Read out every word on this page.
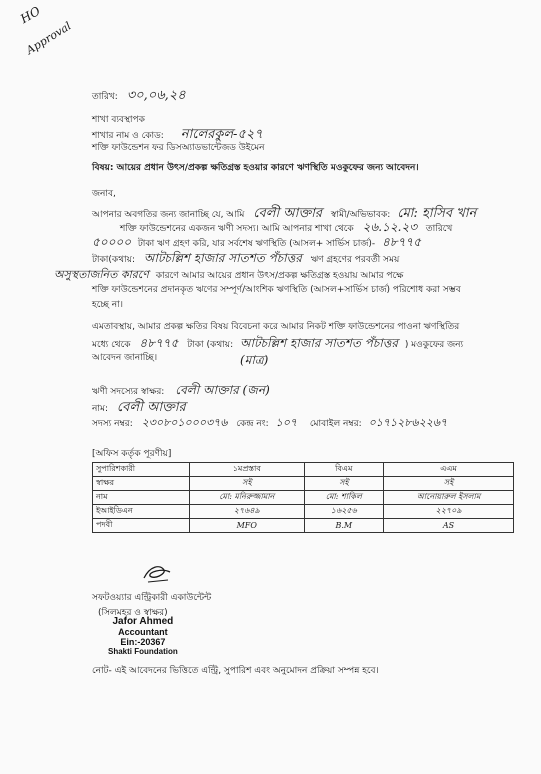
HO
Approval
তারিখ: ৩০,০৬,২৪
শাখা ব্যবস্থাপক
শাখার নাম ও কোড: নালেরকুল-৫২৭
শক্তি ফাউন্ডেশন ফর ডিসঅ্যাডভান্টেজড উইমেন
বিষয়: আয়ের প্রধান উৎস/প্রকল্প ক্ষতিগ্রস্ত হওয়ার কারণে ঋণস্থিতি মওকুফের জন্য আবেদন।
জনাব,
আপনার অবগতির জন্য জানাচ্ছি যে, আমি বেলী আক্তার স্বামী/অভিভাবক: মো: হাসিব খান
শক্তি ফাউন্ডেশনের একজন ঋণী সদস্য। আমি আপনার শাখা থেকে ২৬.১২.২৩ তারিখে
৫০০০০ টাকা ঋণ গ্রহণ করি, যার সর্বশেষ ঋণস্থিতি (আসল+ সার্ভিস চার্জ)- ৪৮৭৭৫
টাকা(কথায়: আটচল্লিশ হাজার সাতশত পঁচাত্তর ঋণ গ্রহণের পরবর্তী সময়
অসুস্থতাজনিত কারণে কারণে আমার আয়ের প্রধান উৎস/প্রকল্প ক্ষতিগ্রস্ত হওয়ায় আমার পক্ষে
শক্তি ফাউন্ডেশনের প্রদানকৃত ঋণের সম্পূর্ণ/আংশিক ঋণস্থিতি (আসল+সার্ভিস চার্জ) পরিশোধ করা সম্ভব
হচ্ছে না।
এমতাবস্থায়, আমার প্রকল্প ক্ষতির বিষয় বিবেচনা করে আমার নিকট শক্তি ফাউন্ডেশনের পাওনা ঋণস্থিতির
মধ্যে থেকে ৪৮৭৭৫ টাকা (কথায়: আটচল্লিশ হাজার সাতশত পঁচাত্তর ) মওকুফের জন্য
আবেদন জানাচ্ছি।	(মাত্র)
ঋণী সদস্যের স্বাক্ষর: বেলী আক্তার (জন)
নাম: বেলী আক্তার
সদস্য নম্বর: ২৩০৮০১০০০৩৭৬ কেন্দ্র নং: ১০৭ মোবাইল নম্বর: ০১৭১২৮৬২২৬৭
[অফিস কর্তৃক পূরণীয়]
সুপারিশকারী	১মপ্রস্তাব	বিএম	এএম
স্বাক্ষর	সই	সই	সই
নাম	মো: মনিরুজ্জামান	মো: শাকিল	আনোয়ারুল ইসলাম
ইআইডিএন	২৭৬৪৯	১৬২৫৬	২২৭০৯
পদবী	MFO	B.M	AS
সফটওয়্যার এন্ট্রিকারী একাউন্টেন্ট
(সিলমহর ও স্বাক্ষর)
Jafor Ahmed
Accountant
Ein:-20367
Shakti Foundation
নোট- এই আবেদনের ভিত্তিতে এন্ট্রি, সুপারিশ এবং অনুমোদন প্রক্রিয়া সম্পন্ন হবে।
